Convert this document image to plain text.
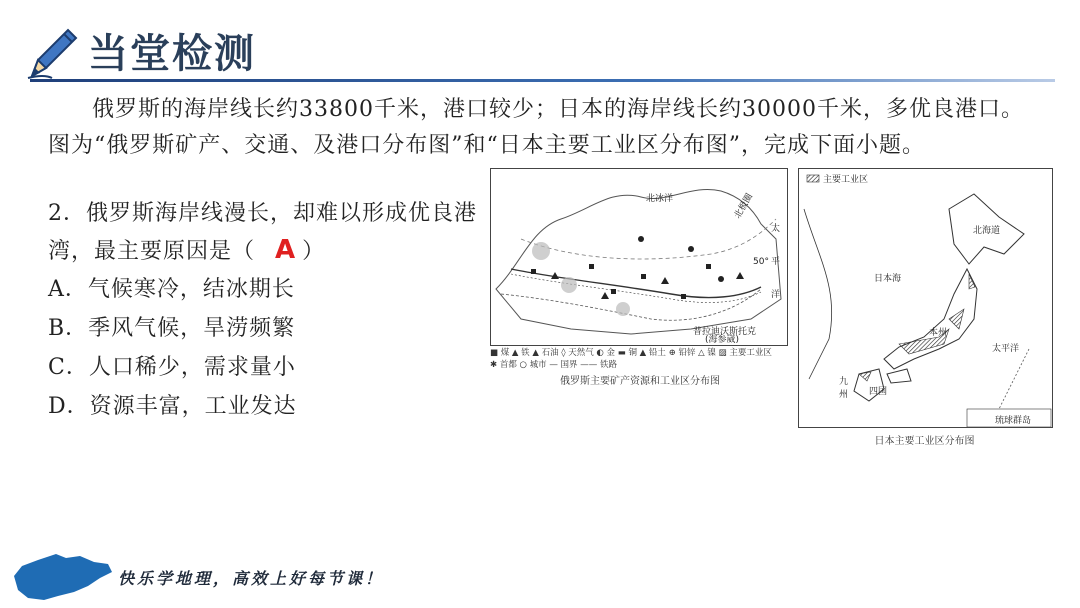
当堂检测
俄罗斯的海岸线长约33800千米，港口较少；日本的海岸线长约30000千米，多优良港口。图为“俄罗斯矿产、交通、及港口分布图”和“日本主要工业区分布图”，完成下面小题。
2．俄罗斯海岸线漫长，却难以形成优良港湾，最主要原因是（ A ）
A．气候寒冷，结冰期长
B．季风气候，旱涝频繁
C．人口稀少，需求量小
D．资源丰富，工业发达
北冰洋
太
平
洋
北极圈
50°
普拉迪沃斯托克
(海参崴)
■ 煤 ▲ 铁 ▲ 石油 ◊ 天然气 ◐ 金 ▬ 铜 ▲ 铅土 ⊕ 铅锌 △ 镍 ▨ 主要工业区
✱ 首都 ○ 城市 — 国界 —— 铁路
俄罗斯主要矿产资源和工业区分布图
主要工业区
北海道
日本海
本州
太平洋
九
州 四国
琉球群岛
日本主要工业区分布图
快乐学地理，高效上好每节课！
